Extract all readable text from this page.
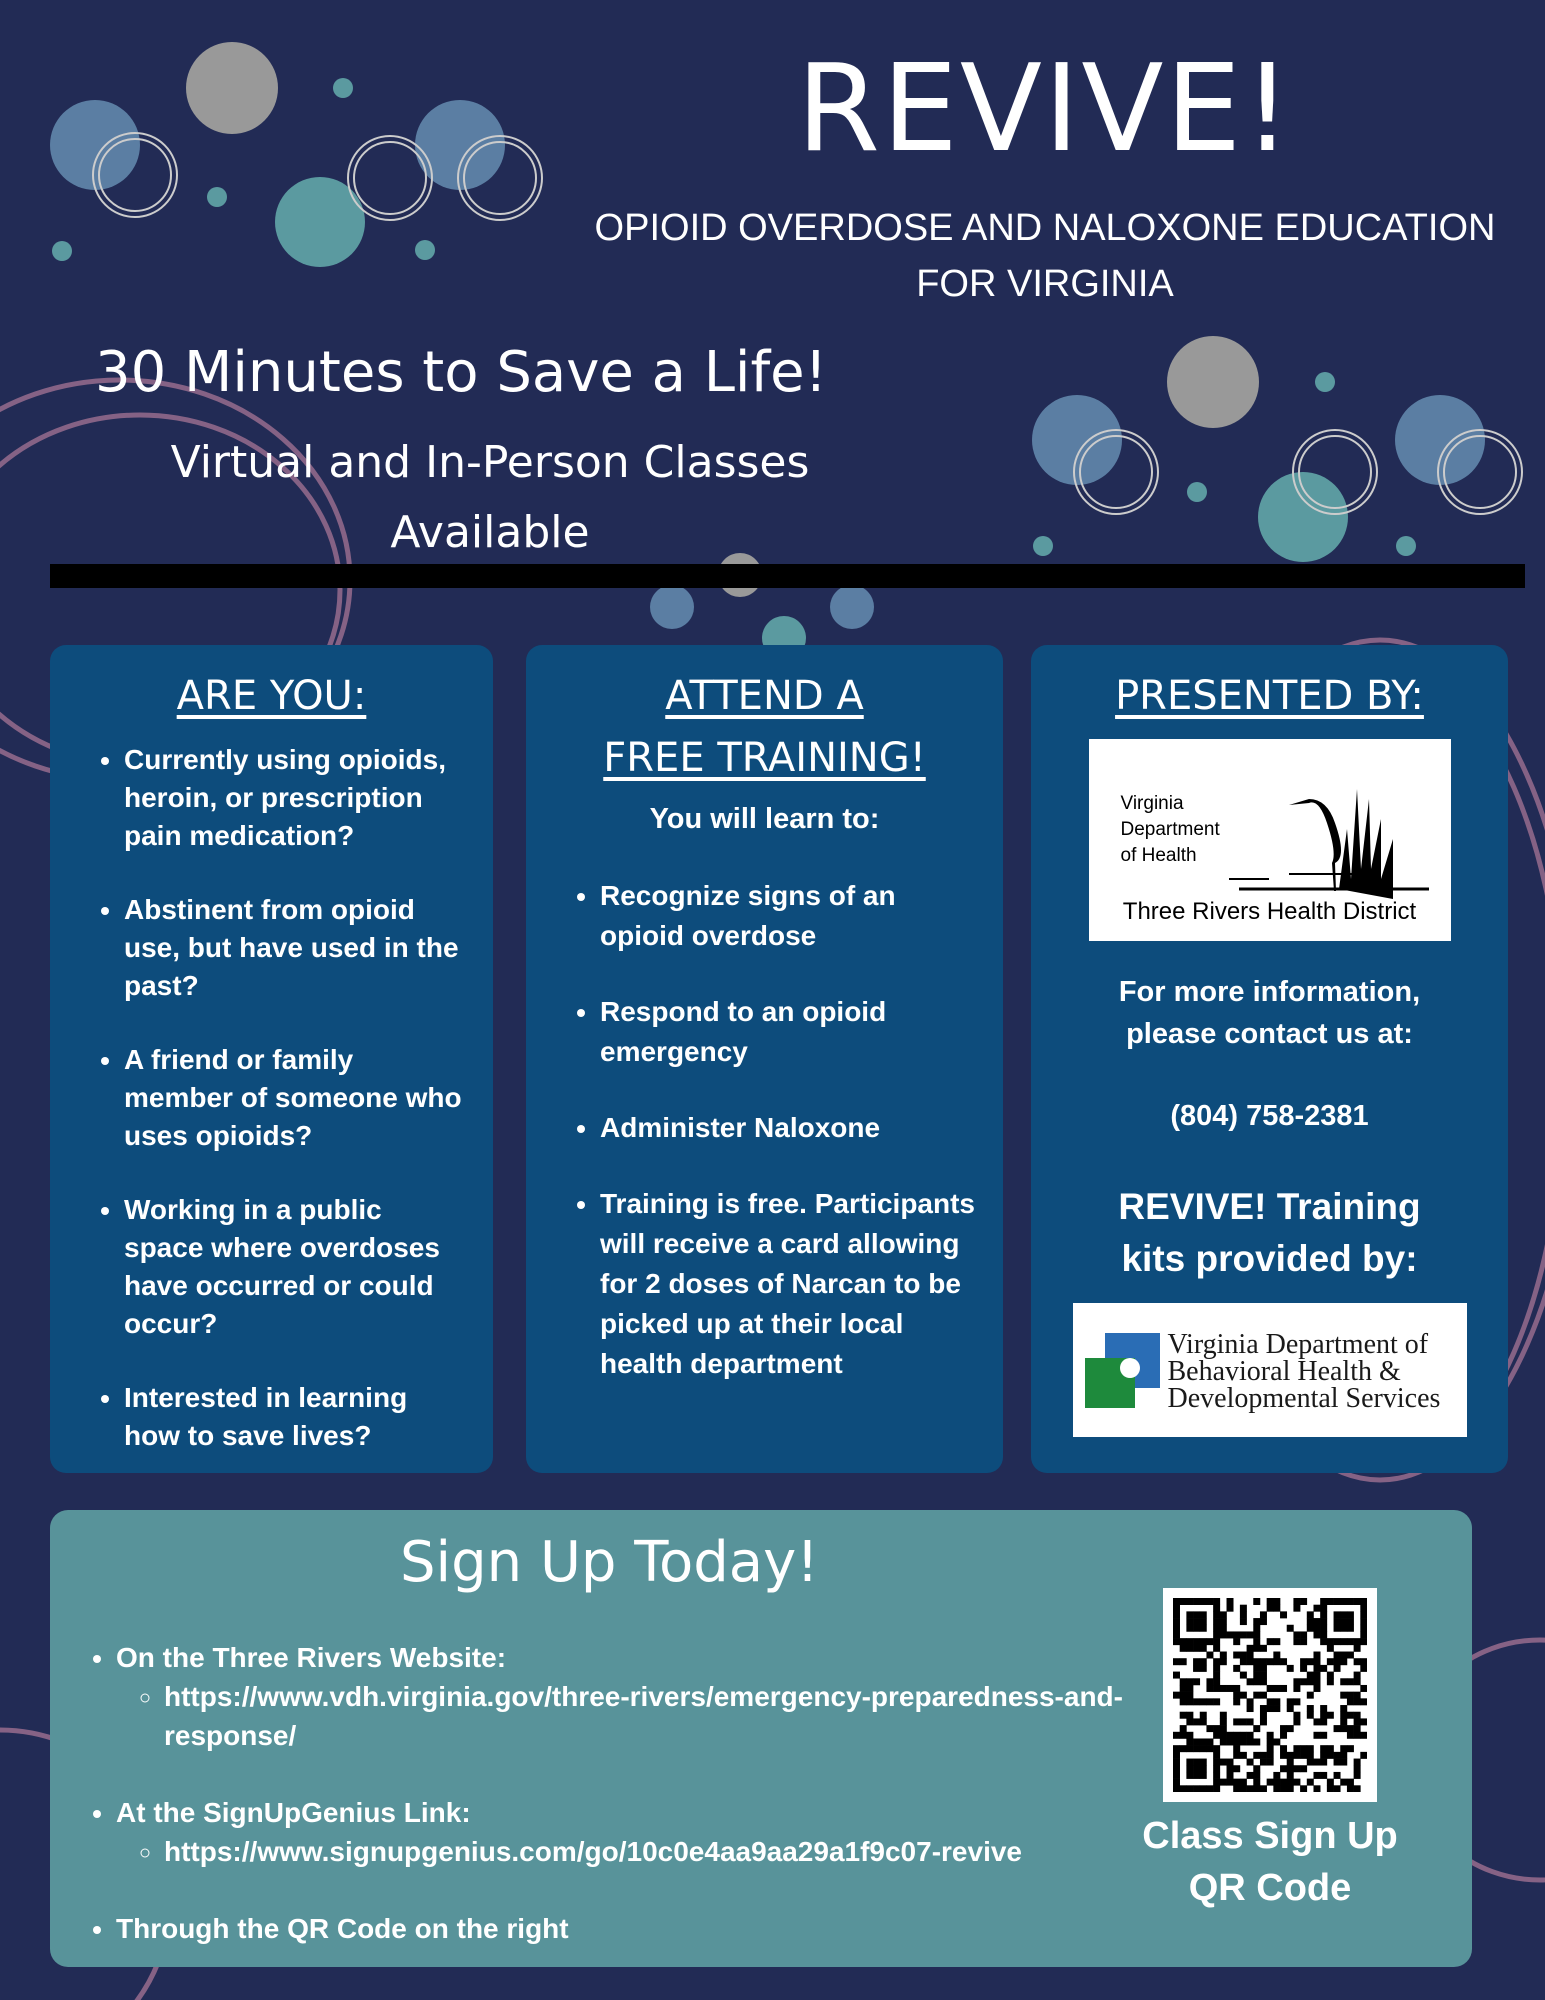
REVIVE!
OPIOID OVERDOSE AND NALOXONE EDUCATION
FOR VIRGINIA
30 Minutes to Save a Life!
Virtual and In-Person Classes
Available
ARE YOU:
• Currently using opioids, heroin, or prescription pain medication?
• Abstinent from opioid use, but have used in the past?
• A friend or family member of someone who uses opioids?
• Working in a public space where overdoses have occurred or could occur?
• Interested in learning how to save lives?
ATTEND A
FREE TRAINING!
You will learn to:
• Recognize signs of an opioid overdose
• Respond to an opioid emergency
• Administer Naloxone
• Training is free. Participants will receive a card allowing for 2 doses of Narcan to be picked up at their local health department
PRESENTED BY:
Virginia
Department
of Health
Three Rivers Health District
For more information,
please contact us at:
(804) 758-2381
REVIVE! Training
kits provided by:
Virginia Department of
Behavioral Health &
Developmental Services
Sign Up Today!
• On the Three Rivers Website:
◦ https://www.vdh.virginia.gov/three-rivers/emergency-preparedness-and-response/
• At the SignUpGenius Link:
◦ https://www.signupgenius.com/go/10c0e4aa9aa29a1f9c07-revive
• Through the QR Code on the right
Class Sign Up
QR Code
